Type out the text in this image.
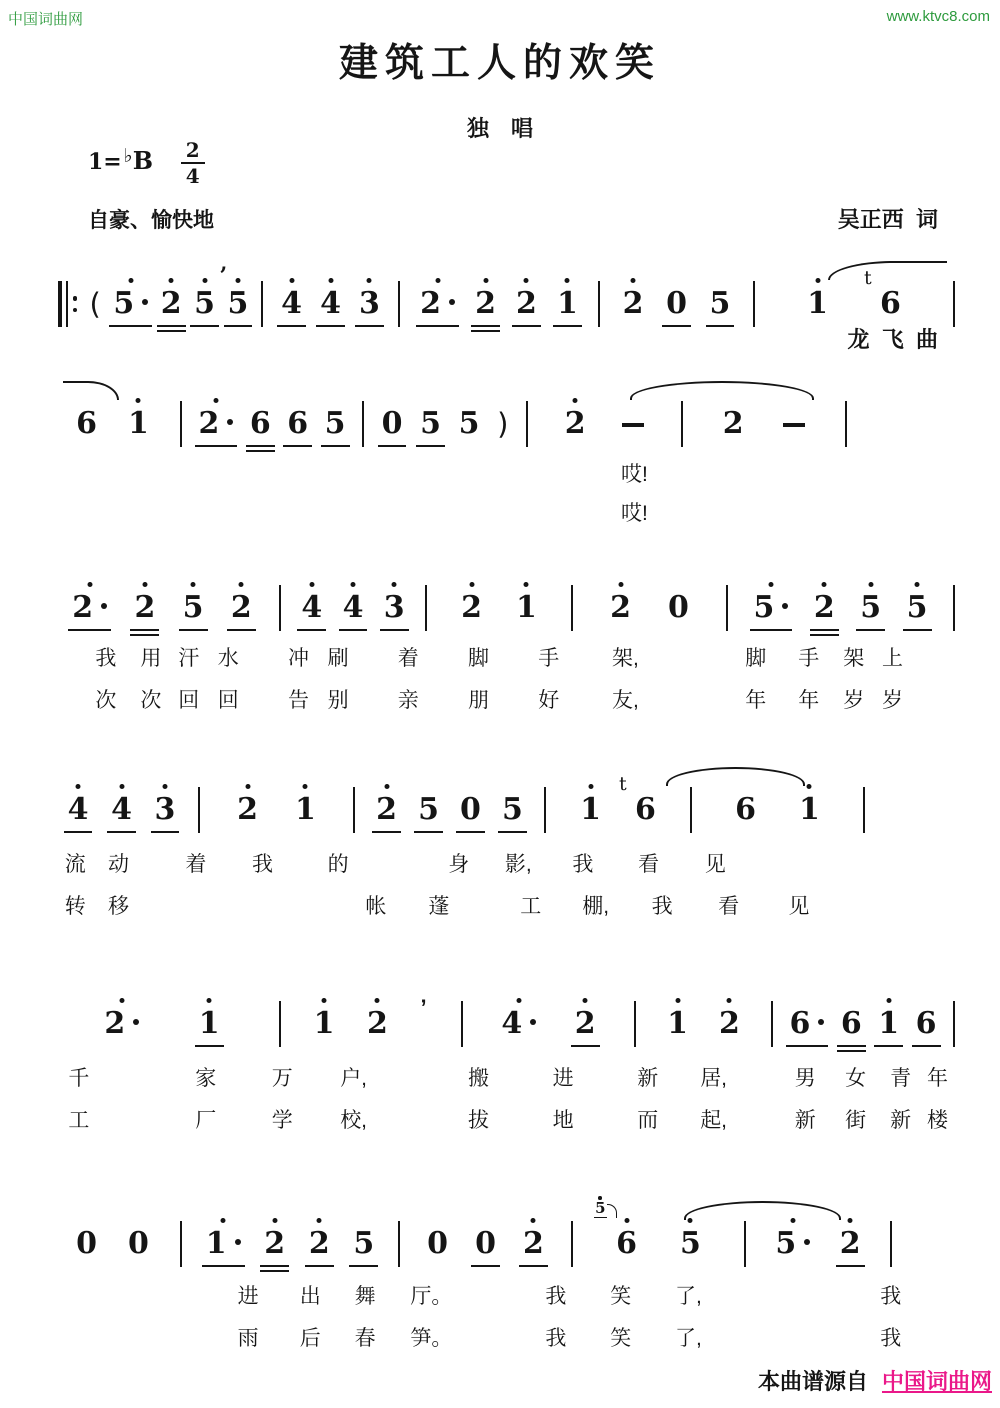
中国词曲网	www.ktvc8.com
建筑工人的欢笑
独　唱

吴正西  词

龙  飞  曲

1= ♭B $\frac{2}{4}$
自豪、愉快地
( 5 2 5 5
’
4 4 3 2	2 2 1 2 0 5	1 6
t
6 1 2	6 6 5 0 5 5 ) 2	2
2	2 5 2 4 4 3 2 1 2 0 5	2 5 5
4 4 3 2 1 2 5 0 5 1 6
t
6 1
2	1	1 2 ’ 4	2 1 2 6	6 1 6
0 0 1	2 2 5 0 0 2 6
5
5 5	2
哎!
哎!
我 用 汗 水 冲 刷 着 脚 手	架,	脚 手 架 上
次 次 回 回 告 别 亲 朋 好	友,	年 年 岁 岁
流 动	着 我	的	身 影, 我 看 见
转 移	帐 蓬	工 棚, 我 看 见
千	家	万 户,	搬	进	新 居,	男 女 青 年
工	厂	学 校,	拔	地	而 起,	新 街 新 楼
进 出 舞 厅。	我 笑 了,	我
雨 后 春 笋。	我 笑 了,	我
本曲谱源自 中国词曲网
